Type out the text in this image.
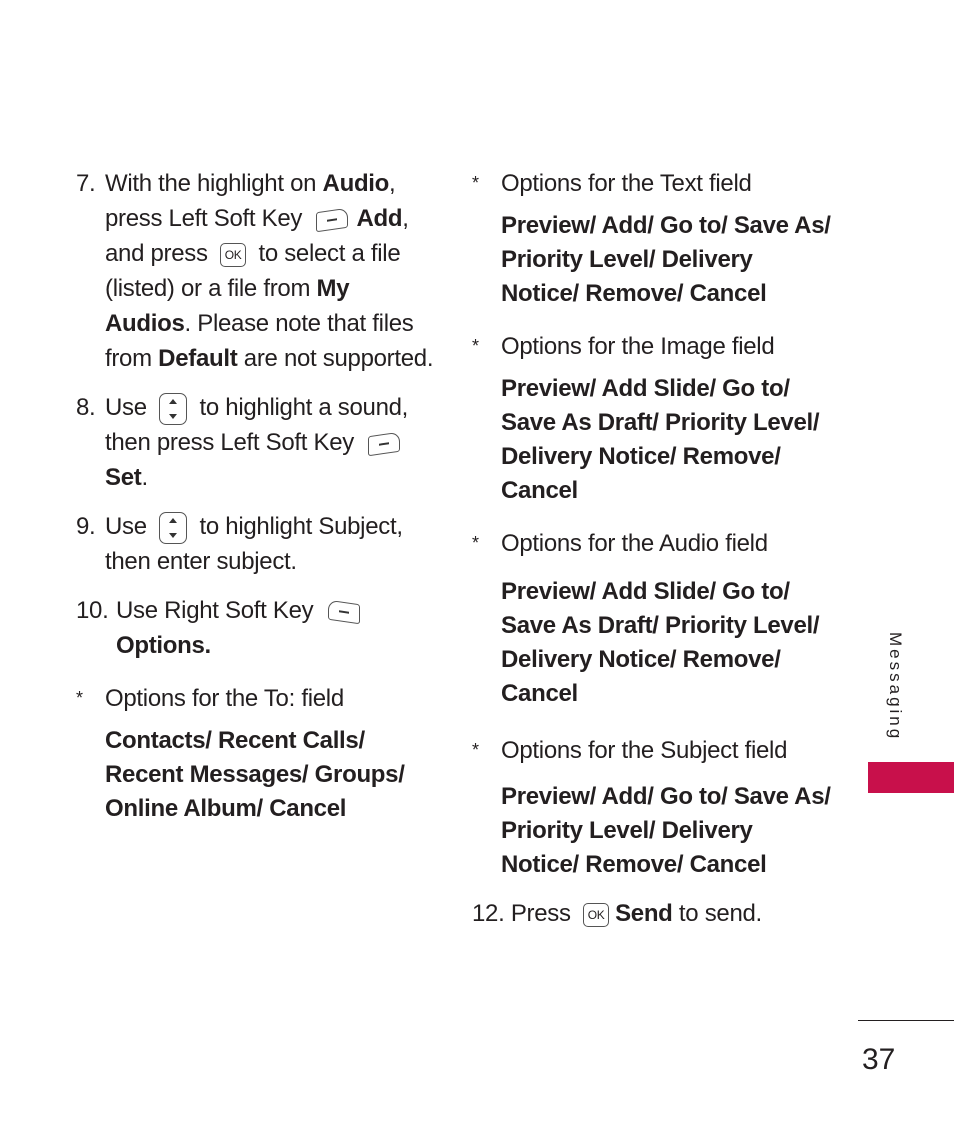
7. With the highlight on Audio, press Left Soft Key Add, and press OK to select a file (listed) or a file from My Audios. Please note that files from Default are not supported.
8. Use  to highlight a sound, then press Left Soft Key Set.
9. Use  to highlight Subject, then enter subject.
10. Use Right Soft Key
Options.
* Options for the To: field
Contacts/ Recent Calls/ Recent Messages/ Groups/ Online Album/ Cancel
* Options for the Text field
Preview/ Add/ Go to/ Save As/ Priority Level/ Delivery Notice/ Remove/ Cancel
* Options for the Image field
Preview/ Add Slide/ Go to/ Save As Draft/ Priority Level/ Delivery Notice/ Remove/ Cancel
* Options for the Audio field
Preview/ Add Slide/ Go to/ Save As Draft/ Priority Level/ Delivery Notice/ Remove/ Cancel
* Options for the Subject field
Preview/ Add/ Go to/ Save As/ Priority Level/ Delivery Notice/ Remove/ Cancel
12. Press OK Send to send.
Messaging
37
